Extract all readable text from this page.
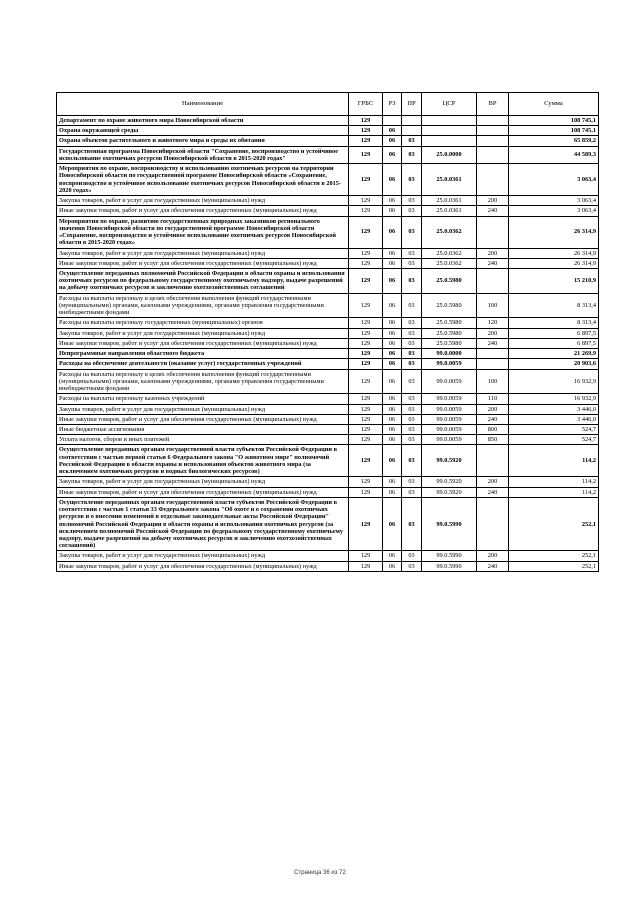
Наименование	ГРБС	РЗ	ПР	ЦСР	ВР	Сумма
Департамент по охране животного мира Новосибирской области	129					108 745,1
Охрана окружающей среды	129	06				108 745,1
Охрана объектов растительного и животного мира и среды их обитания	129	06	03			65 859,2
Государственная программа Новосибирской области "Сохранение, воспроизводство и устойчивое использование охотничьих ресурсов Новосибирской области в 2015-2020 годах"	129	06	03	25.0.0000		44 589,3
Мероприятия по охране, воспроизводству и использованию охотничьих ресурсов на территории Новосибирской области по государственной программе Новосибирской области «Сохранение, воспроизводство и устойчивое использование охотничьих ресурсов Новосибирской области в 2015-2020 годах»	129	06	03	25.0.0361		3 063,4
Закупка товаров, работ и услуг для государственных (муниципальных) нужд	129	06	03	25.0.0361	200	3 063,4
Иные закупки товаров, работ и услуг для обеспечения государственных (муниципальных) нужд	129	06	03	25.0.0361	240	3 063,4
Мероприятия по охране, развитию государственных природных заказников регионального значения Новосибирской области по государственной программе Новосибирской области «Сохранение, воспроизводство и устойчивое использование охотничьих ресурсов Новосибирской области в 2015-2020 годах»	129	06	03	25.0.0362		26 314,9
Закупка товаров, работ и услуг для государственных (муниципальных) нужд	129	06	03	25.0.0362	200	26 314,9
Иные закупки товаров, работ и услуг для обеспечения государственных (муниципальных) нужд	129	06	03	25.0.0362	240	26 314,9
Осуществление переданных полномочий Российской Федерации в области охраны и использования охотничьих ресурсов по федеральному государственному охотничьему надзору, выдаче разрешений на добычу охотничьих ресурсов и заключению охотхозяйственных соглашений	129	06	03	25.0.5980		15 210,9
Расходы на выплаты персоналу в целях обеспечения выполнения функций государственными (муниципальными) органами, казенными учреждениями, органами управления государственными внебюджетными фондами	129	06	03	25.0.5980	100	8 313,4
Расходы на выплаты персоналу государственных (муниципальных) органов	129	06	03	25.0.5980	120	8 313,4
Закупка товаров, работ и услуг для государственных (муниципальных) нужд	129	06	03	25.0.5980	200	6 897,5
Иные закупки товаров, работ и услуг для обеспечения государственных (муниципальных) нужд	129	06	03	25.0.5980	240	6 897,5
Непрограммные направления областного бюджета	129	06	03	99.0.0000		21 269,9
Расходы на обеспечение деятельности (оказание услуг) государственных учреждений	129	06	03	99.0.0059		20 903,6
Расходы на выплаты персоналу в целях обеспечения выполнения функций государственными (муниципальными) органами, казенными учреждениями, органами управления государственными внебюджетными фондами	129	06	03	99.0.0059	100	16 932,9
Расходы на выплаты персоналу казенных учреждений	129	06	03	99.0.0059	110	16 932,9
Закупка товаров, работ и услуг для государственных (муниципальных) нужд	129	06	03	99.0.0059	200	3 446,0
Иные закупки товаров, работ и услуг для обеспечения государственных (муниципальных) нужд	129	06	03	99.0.0059	240	3 446,0
Иные бюджетные ассигнования	129	06	03	99.0.0059	800	524,7
Уплата налогов, сборов и иных платежей	129	06	03	99.0.0059	850	524,7
Осуществление переданных органам государственной власти субъектов Российской Федерации в соответствии с частью первой статьи 6 Федерального закона "О животном мире" полномочий Российской Федерации в области охраны и использования объектов животного мира (за исключением охотничьих ресурсов и водных биологических ресурсов)	129	06	03	99.0.5920		114,2
Закупка товаров, работ и услуг для государственных (муниципальных) нужд	129	06	03	99.0.5920	200	114,2
Иные закупки товаров, работ и услуг для обеспечения государственных (муниципальных) нужд	129	06	03	99.0.5920	240	114,2
Осуществление переданных органам государственной власти субъектов Российской Федерации в соответствии с частью 1 статьи 33 Федерального закона "Об охоте и о сохранении охотничьих ресурсов и о внесении изменений в отдельные законодательные акты Российской Федерации" полномочий Российской Федерации в области охраны и использования охотничьих ресурсов (за исключением полномочий Российской Федерации по федеральному государственному охотничьему надзору, выдаче разрешений на добычу охотничьих ресурсов и заключению охотхозяйственных соглашений)	129	06	03	99.0.5990		252,1
Закупка товаров, работ и услуг для государственных (муниципальных) нужд	129	06	03	99.0.5990	200	252,1
Иные закупки товаров, работ и услуг для обеспечения государственных (муниципальных) нужд	129	06	03	99.0.5990	240	252,1
Страница 36 из 72
